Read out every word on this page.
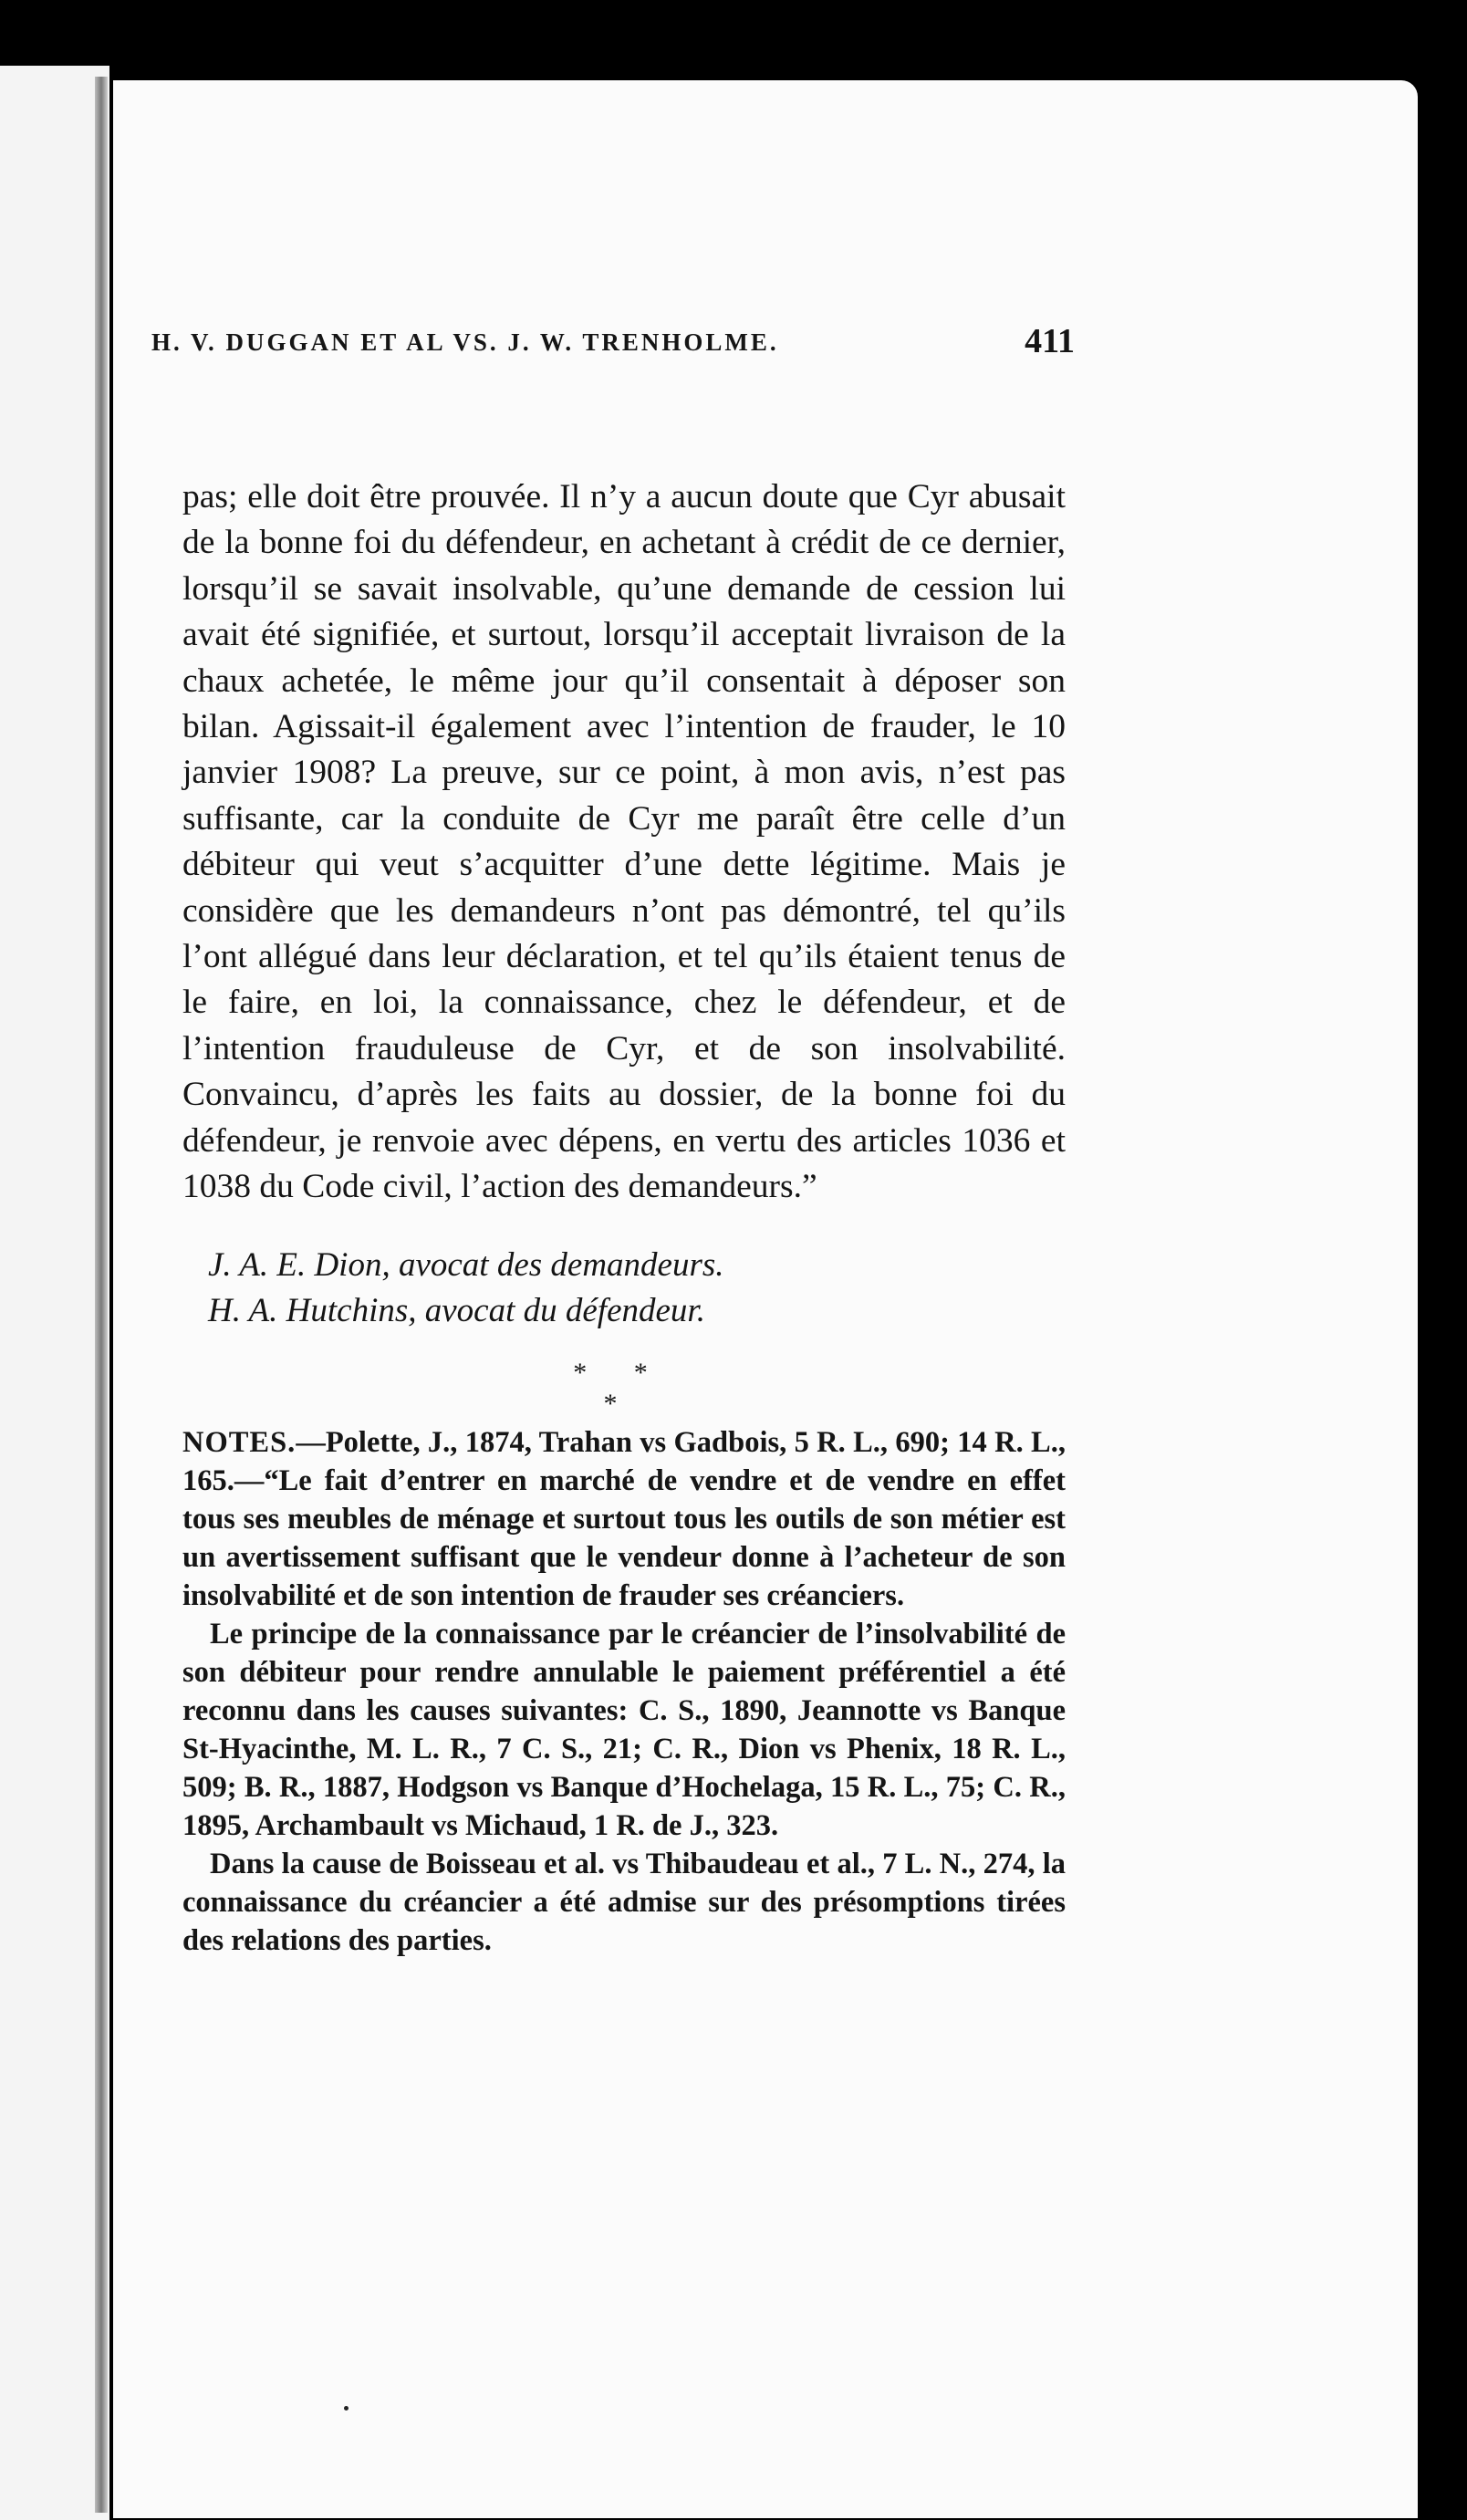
H. V. DUGGAN ET AL VS. J. W. TRENHOLME.	411

pas; elle doit être prouvée. Il n’y a aucun doute que Cyr abusait de la bonne foi du défendeur, en achetant à crédit de ce dernier, lorsqu’il se savait insolvable, qu’une demande de cession lui avait été signifiée, et surtout, lorsqu’il acceptait livraison de la chaux achetée, le même jour qu’il consentait à déposer son bilan. Agissait-il également avec l’intention de frauder, le 10 janvier 1908? La preuve, sur ce point, à mon avis, n’est pas suffisante, car la conduite de Cyr me paraît être celle d’un débiteur qui veut s’acquitter d’une dette légitime. Mais je considère que les demandeurs n’ont pas démontré, tel qu’ils l’ont allégué dans leur déclaration, et tel qu’ils étaient tenus de le faire, en loi, la connaissance, chez le défendeur, et de l’intention frauduleuse de Cyr, et de son insolvabilité. Convaincu, d’après les faits au dossier, de la bonne foi du défendeur, je renvoie avec dépens, en vertu des articles 1036 et 1038 du Code civil, l’action des demandeurs.”

J. A. E. Dion, avocat des demandeurs.
H. A. Hutchins, avocat du défendeur.
* * *

NOTES.—Polette, J., 1874, Trahan vs Gadbois, 5 R. L., 690; 14 R. L., 165.—“Le fait d’entrer en marché de vendre et de vendre en effet tous ses meubles de ménage et surtout tous les outils de son métier est un avertissement suffisant que le vendeur donne à l’acheteur de son insolvabilité et de son intention de frauder ses créanciers.

Le principe de la connaissance par le créancier de l’insolvabilité de son débiteur pour rendre annulable le paiement préférentiel a été reconnu dans les causes suivantes: C. S., 1890, Jeannotte vs Banque St-Hyacinthe, M. L. R., 7 C. S., 21; C. R., Dion vs Phenix, 18 R. L., 509; B. R., 1887, Hodgson vs Banque d’Hochelaga, 15 R. L., 75; C. R., 1895, Archambault vs Michaud, 1 R. de J., 323.

Dans la cause de Boisseau et al. vs Thibaudeau et al., 7 L. N., 274, la connaissance du créancier a été admise sur des présomptions tirées des relations des parties.
